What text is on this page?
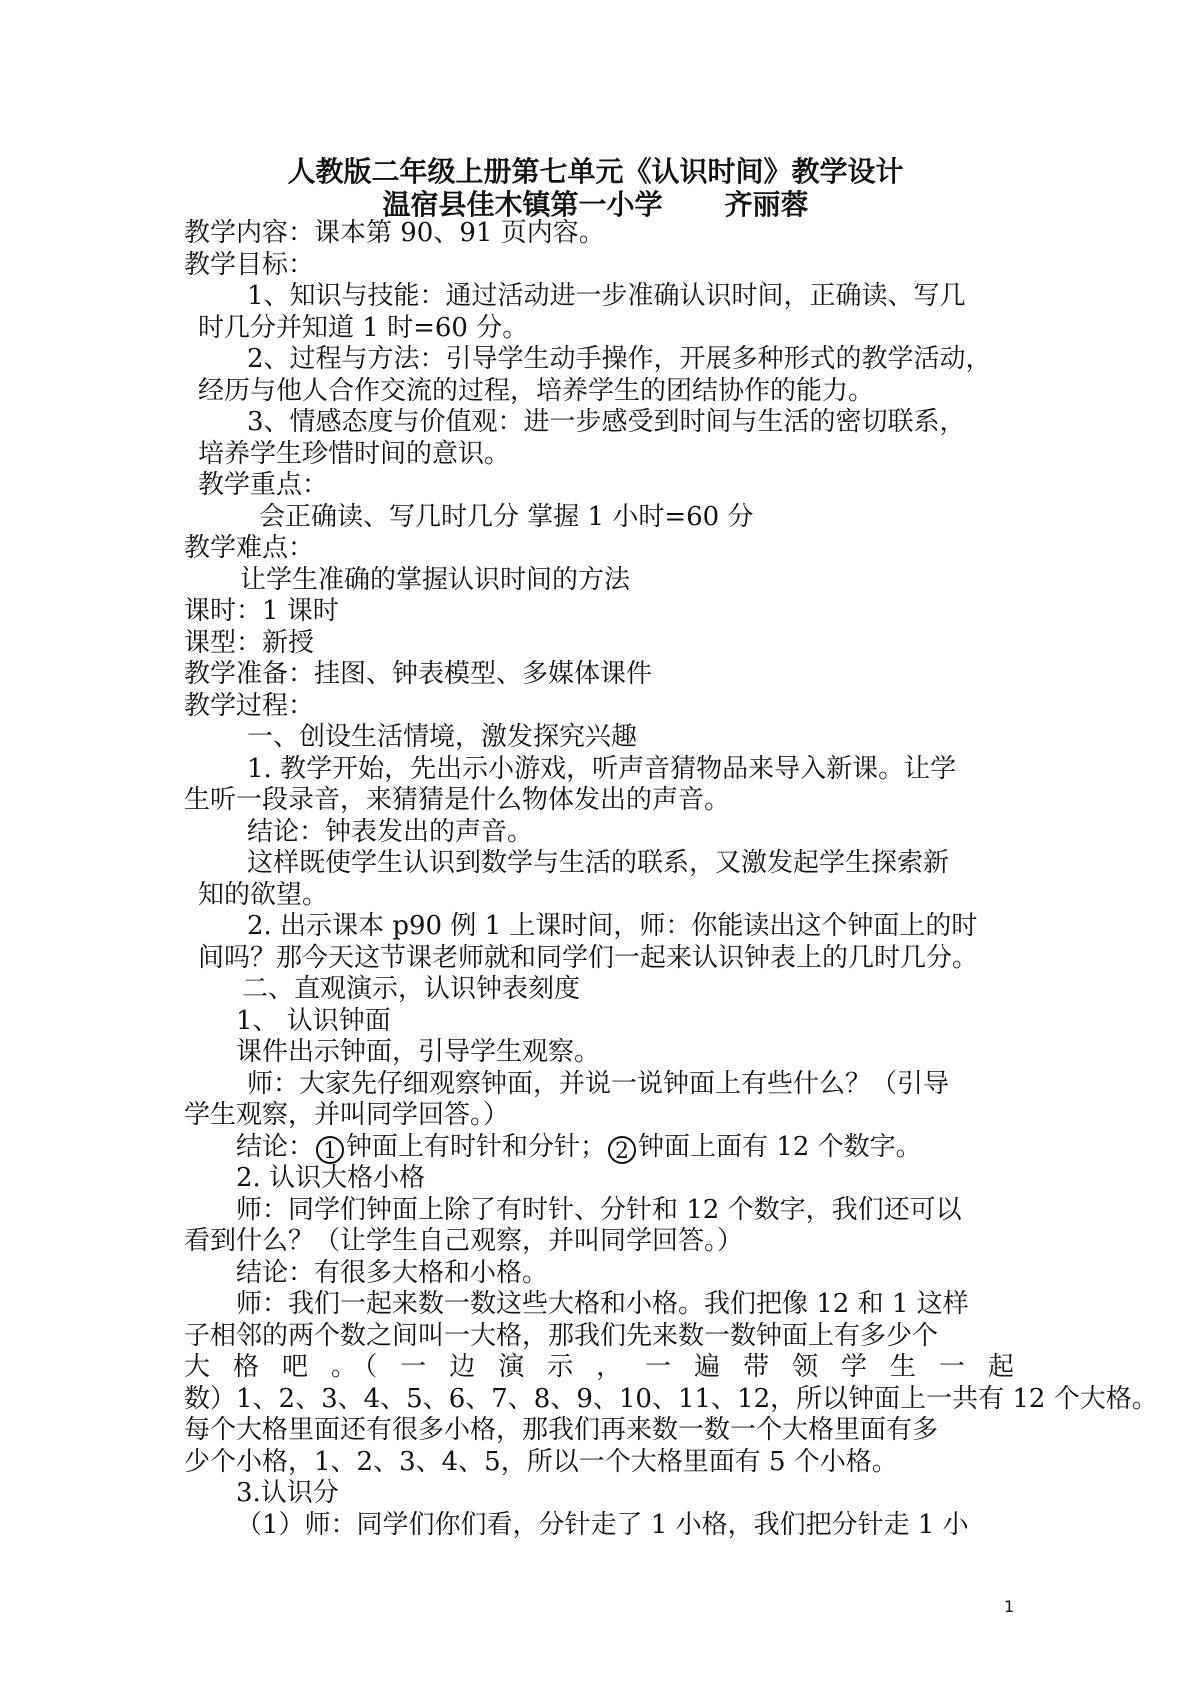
人教版二年级上册第七单元《认识时间》教学设计
温宿县佳木镇第一小学 齐丽蓉
教学内容：课本第 90、91 页内容。
教学目标：
1、知识与技能：通过活动进一步准确认识时间，正确读、写几
时几分并知道 1 时=60 分。
2、过程与方法：引导学生动手操作，开展多种形式的教学活动，
经历与他人合作交流的过程，培养学生的团结协作的能力。
3、情感态度与价值观：进一步感受到时间与生活的密切联系，
培养学生珍惜时间的意识。
教学重点：
会正确读、写几时几分 掌握 1 小时=60 分
教学难点：
让学生准确的掌握认识时间的方法
课时：1 课时
课型：新授
教学准备：挂图、钟表模型、多媒体课件
教学过程：
一、创设生活情境，激发探究兴趣
1. 教学开始，先出示小游戏，听声音猜物品来导入新课。让学
生听一段录音，来猜猜是什么物体发出的声音。
结论：钟表发出的声音。
这样既使学生认识到数学与生活的联系，又激发起学生探索新
知的欲望。
2. 出示课本 p90 例 1 上课时间，师：你能读出这个钟面上的时
间吗？那今天这节课老师就和同学们一起来认识钟表上的几时几分。
二、直观演示，认识钟表刻度
1、 认识钟面
课件出示钟面，引导学生观察。
师：大家先仔细观察钟面，并说一说钟面上有些什么？（引导
学生观察，并叫同学回答。）
结论： 1 钟面上有时针和分针； 2 钟面上面有 12 个数字。
2. 认识大格小格
师：同学们钟面上除了有时针、分针和 12 个数字，我们还可以
看到什么？（让学生自己观察，并叫同学回答。）
结论：有很多大格和小格。
师：我们一起来数一数这些大格和小格。我们把像 12 和 1 这样
子相邻的两个数之间叫一大格，那我们先来数一数钟面上有多少个
大 格 吧 。（ 一 边 演 示 ， 一 遍 带 领 学 生 一 起
数）1、2、3、4、5、6、7、8、9、10、11、12，所以钟面上一共有 12 个大格。
每个大格里面还有很多小格，那我们再来数一数一个大格里面有多
少个小格，1、2、3、4、5，所以一个大格里面有 5 个小格。
3.认识分
（1）师：同学们你们看，分针走了 1 小格，我们把分针走 1 小
1
